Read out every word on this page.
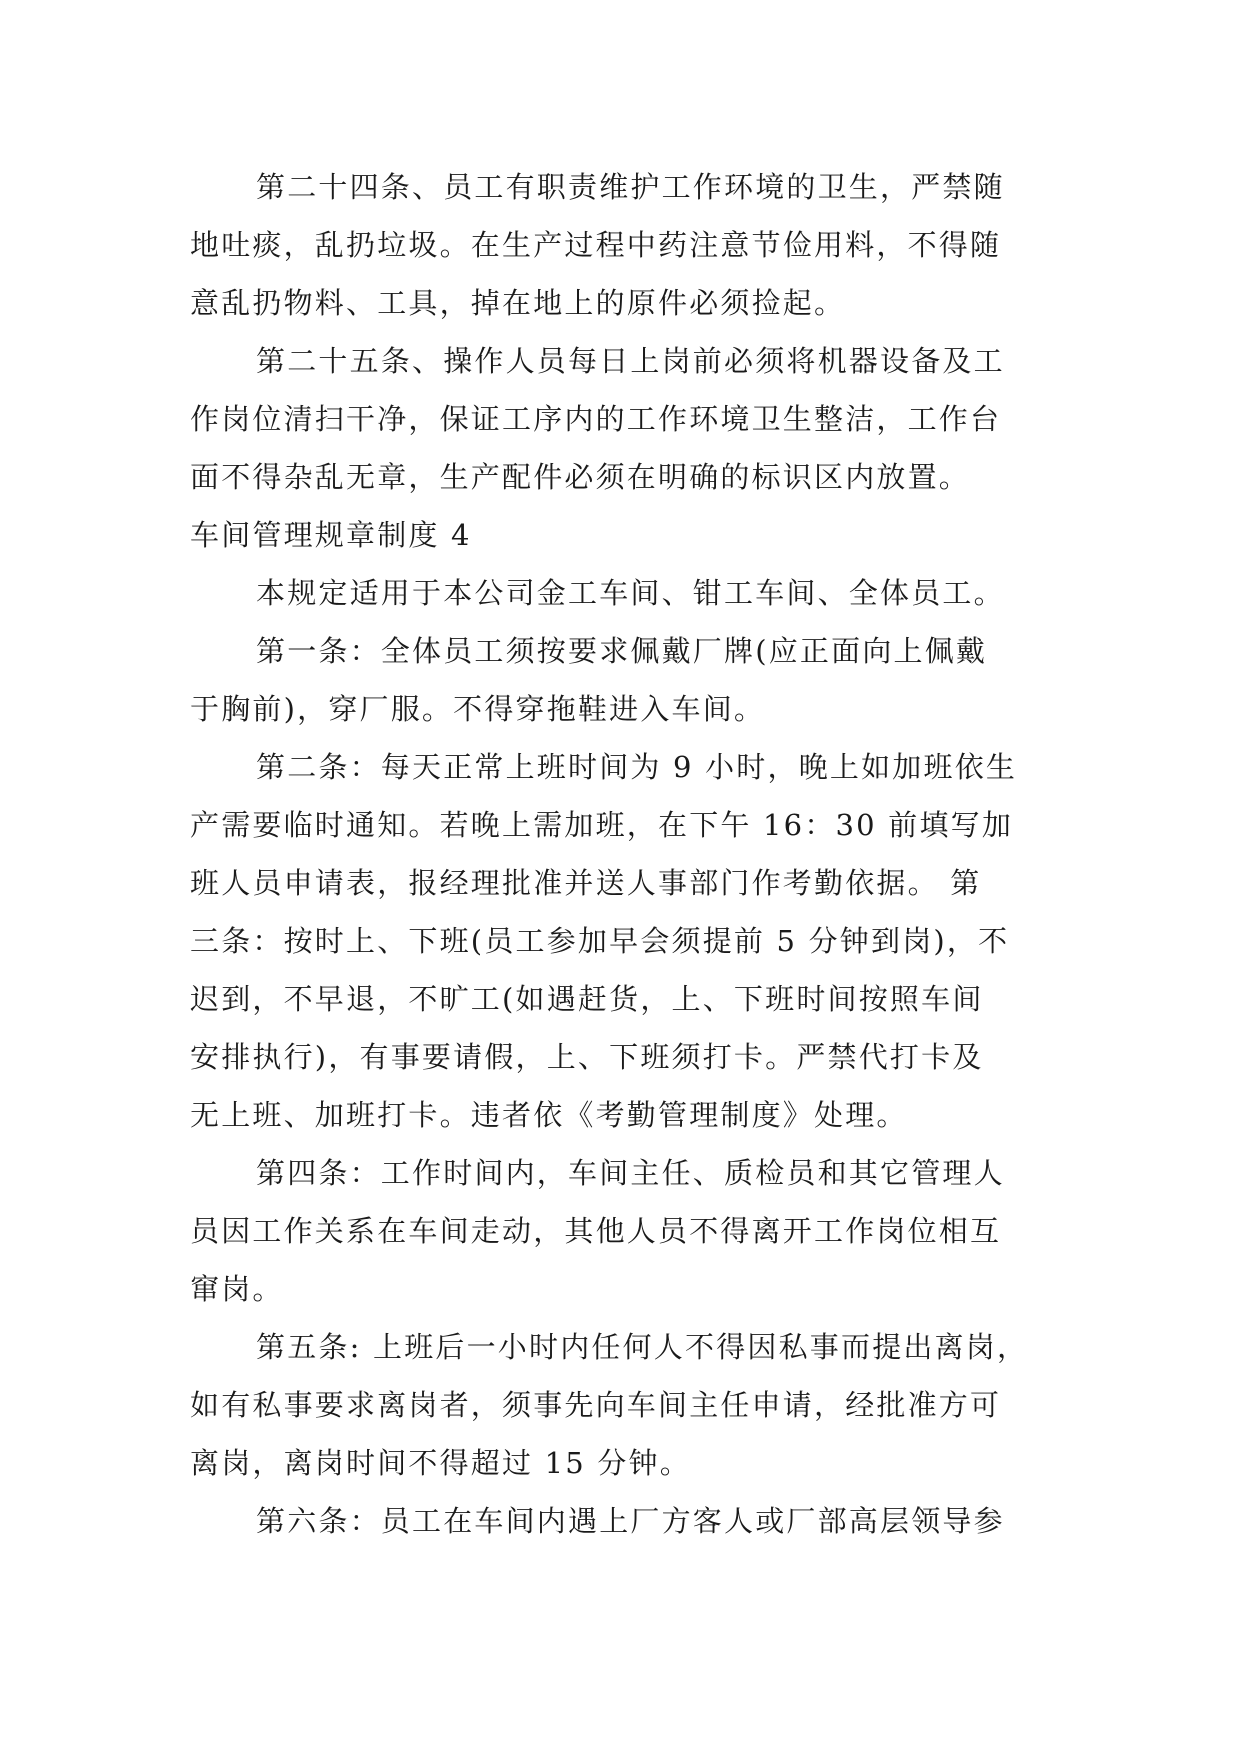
第二十四条、员工有职责维护工作环境的卫生，严禁随
地吐痰，乱扔垃圾。在生产过程中药注意节俭用料，不得随
意乱扔物料、工具，掉在地上的原件必须捡起。
第二十五条、操作人员每日上岗前必须将机器设备及工
作岗位清扫干净，保证工序内的工作环境卫生整洁，工作台
面不得杂乱无章，生产配件必须在明确的标识区内放置。
车间管理规章制度 4
本规定适用于本公司金工车间、钳工车间、全体员工。
第一条：全体员工须按要求佩戴厂牌(应正面向上佩戴
于胸前)，穿厂服。不得穿拖鞋进入车间。
第二条：每天正常上班时间为 9 小时，晚上如加班依生
产需要临时通知。若晚上需加班，在下午 16：30 前填写加
班人员申请表，报经理批准并送人事部门作考勤依据。 第
三条：按时上、下班(员工参加早会须提前 5 分钟到岗)，不
迟到，不早退，不旷工(如遇赶货，上、下班时间按照车间
安排执行)，有事要请假，上、下班须打卡。严禁代打卡及
无上班、加班打卡。违者依《考勤管理制度》处理。
第四条：工作时间内，车间主任、质检员和其它管理人
员因工作关系在车间走动，其他人员不得离开工作岗位相互
窜岗。
第五条: 上班后一小时内任何人不得因私事而提出离岗，
如有私事要求离岗者，须事先向车间主任申请，经批准方可
离岗，离岗时间不得超过 15 分钟。
第六条：员工在车间内遇上厂方客人或厂部高层领导参
